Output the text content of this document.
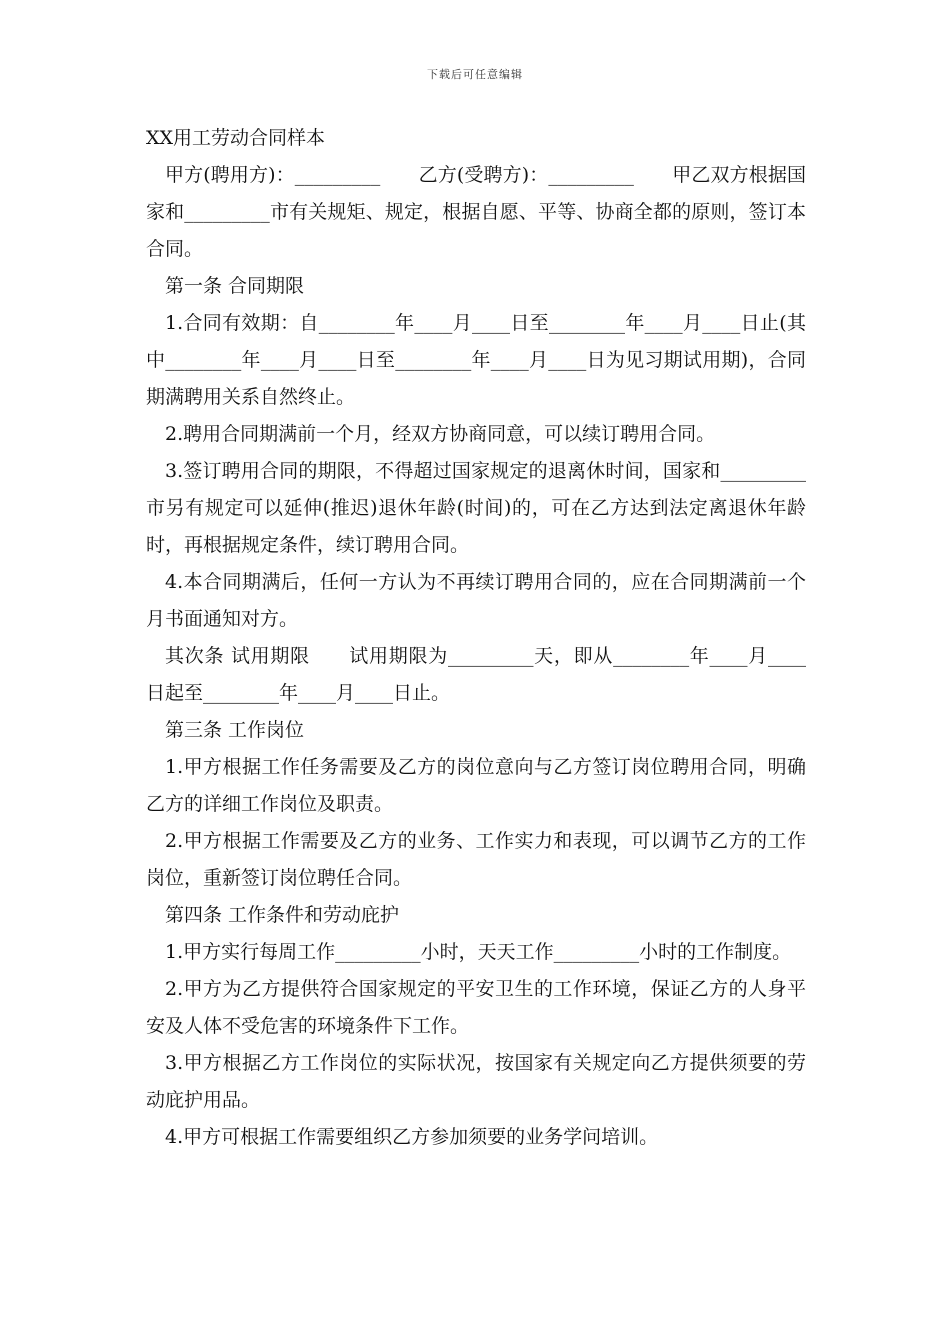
下载后可任意编辑

XX用工劳动合同样本

甲方(聘用方)：_________　　乙方(受聘方)：_________　　甲乙双方根据国家和_________市有关规矩、规定，根据自愿、平等、协商全都的原则，签订本合同。

第一条 合同期限

1.合同有效期：自________年____月____日至________年____月____日止(其中________年____月____日至________年____月____日为见习期试用期)，合同期满聘用关系自然终止。

2.聘用合同期满前一个月，经双方协商同意，可以续订聘用合同。

3.签订聘用合同的期限，不得超过国家规定的退离休时间，国家和_________市另有规定可以延伸(推迟)退休年龄(时间)的，可在乙方达到法定离退休年龄时，再根据规定条件，续订聘用合同。

4.本合同期满后，任何一方认为不再续订聘用合同的，应在合同期满前一个月书面通知对方。

其次条 试用期限　　试用期限为_________天，即从________年____月____日起至________年____月____日止。

第三条 工作岗位

1.甲方根据工作任务需要及乙方的岗位意向与乙方签订岗位聘用合同，明确乙方的详细工作岗位及职责。

2.甲方根据工作需要及乙方的业务、工作实力和表现，可以调节乙方的工作岗位，重新签订岗位聘任合同。

第四条 工作条件和劳动庇护

1.甲方实行每周工作_________小时，天天工作_________小时的工作制度。

2.甲方为乙方提供符合国家规定的平安卫生的工作环境，保证乙方的人身平安及人体不受危害的环境条件下工作。

3.甲方根据乙方工作岗位的实际状况，按国家有关规定向乙方提供须要的劳动庇护用品。

4.甲方可根据工作需要组织乙方参加须要的业务学问培训。
